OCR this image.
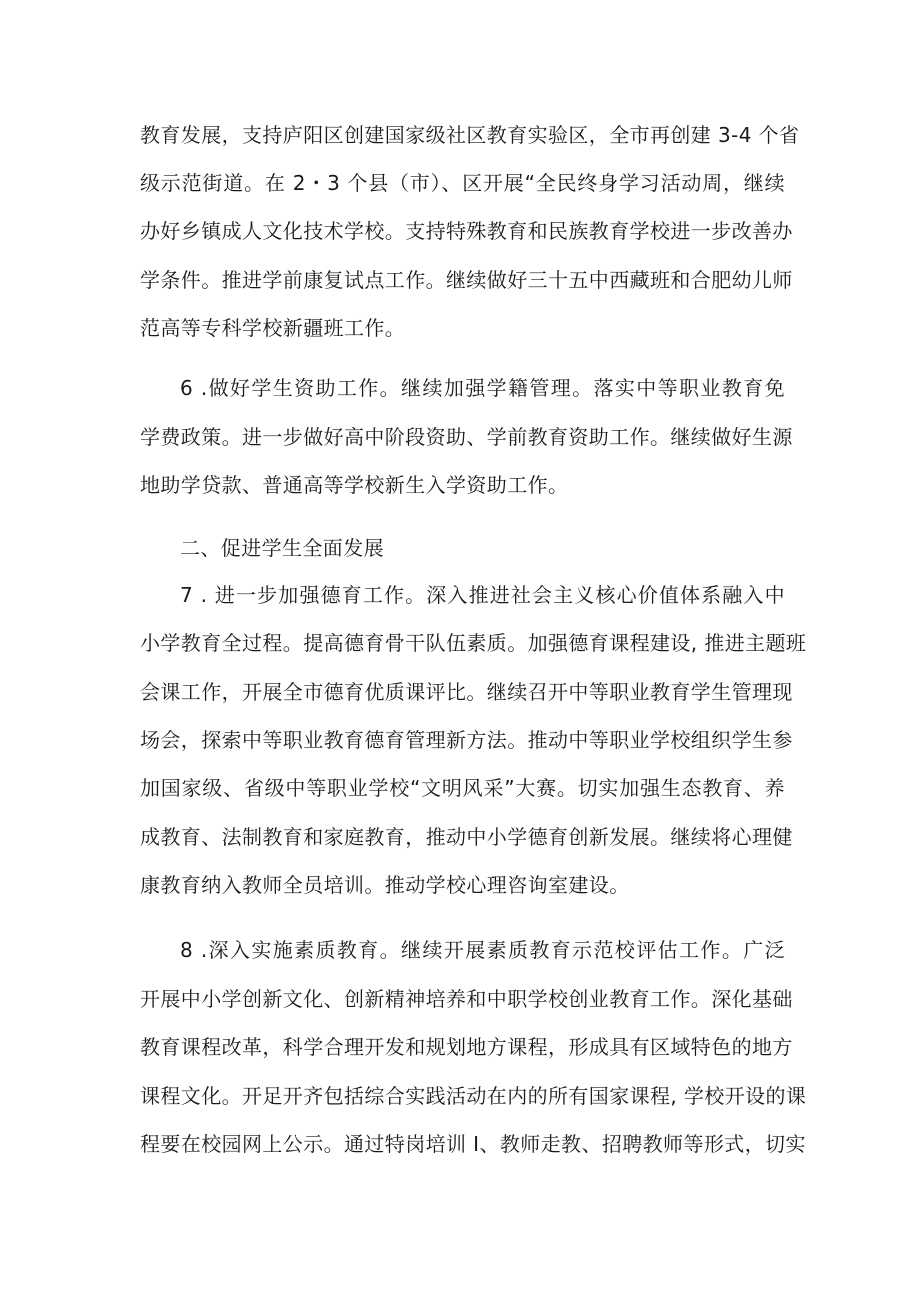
教育发展，支持庐阳区创建国家级社区教育实验区，全市再创建 3-4 个省
级示范街道。在 2・3 个县（市）、区开展“全民终身学习活动周，继续
办好乡镇成人文化技术学校。支持特殊教育和民族教育学校进一步改善办
学条件。推进学前康复试点工作。继续做好三十五中西藏班和合肥幼儿师
范高等专科学校新疆班工作。
6 .做好学生资助工作。继续加强学籍管理。落实中等职业教育免
学费政策。进一步做好高中阶段资助、学前教育资助工作。继续做好生源
地助学贷款、普通高等学校新生入学资助工作。
二、促进学生全面发展
7 . 进一步加强德育工作。深入推进社会主义核心价值体系融入中
小学教育全过程。提高德育骨干队伍素质。加强德育课程建设, 推进主题班
会课工作，开展全市德育优质课评比。继续召开中等职业教育学生管理现
场会，探索中等职业教育德育管理新方法。推动中等职业学校组织学生参
加国家级、省级中等职业学校“文明风采”大赛。切实加强生态教育、养
成教育、法制教育和家庭教育，推动中小学德育创新发展。继续将心理健
康教育纳入教师全员培训。推动学校心理咨询室建设。
8 .深入实施素质教育。继续开展素质教育示范校评估工作。广泛
开展中小学创新文化、创新精神培养和中职学校创业教育工作。深化基础
教育课程改革，科学合理开发和规划地方课程，形成具有区域特色的地方
课程文化。开足开齐包括综合实践活动在内的所有国家课程, 学校开设的课
程要在校园网上公示。通过特岗培训 I、教师走教、招聘教师等形式，切实
